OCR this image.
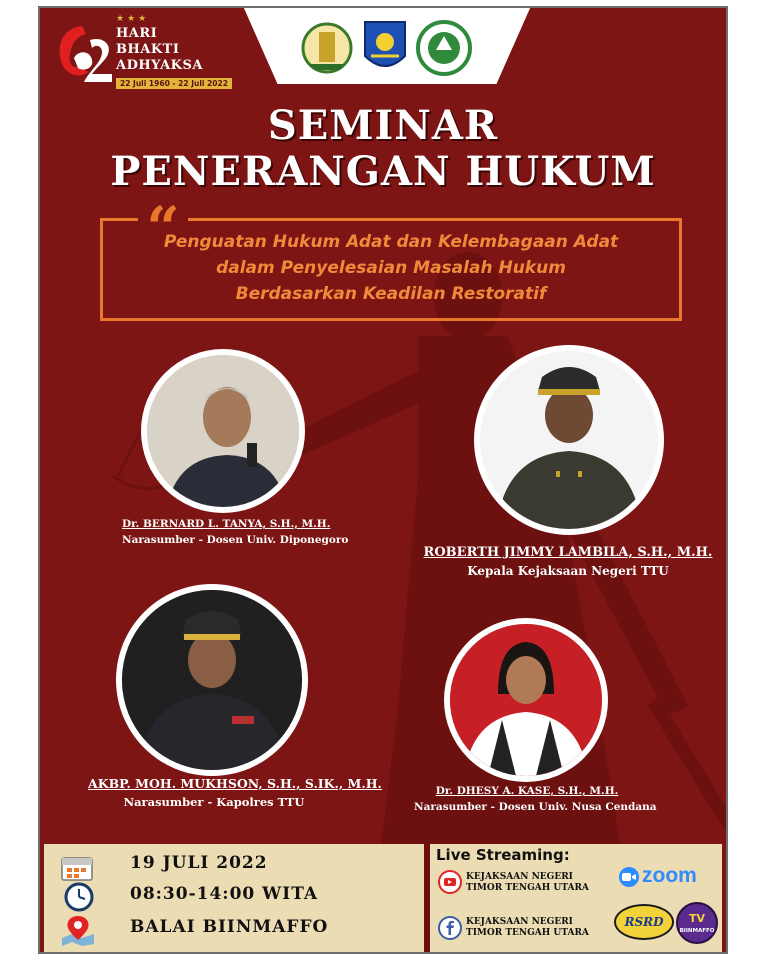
★★★
HARI
BHAKTI
ADHYAKSA
22 Juli 1960 - 22 Juli 2022
SEMINAR
PENERANGAN HUKUM
“
Penguatan Hukum Adat dan Kelembagaan Adat
dalam Penyelesaian Masalah Hukum
Berdasarkan Keadilan Restoratif
Dr. BERNARD L. TANYA, S.H., M.H.
Narasumber - Dosen Univ. Diponegoro
ROBERTH JIMMY LAMBILA, S.H., M.H.
Kepala Kejaksaan Negeri TTU
AKBP. MOH. MUKHSON, S.H., S.IK., M.H.
Narasumber - Kapolres TTU
Dr. DHESY A. KASE, S.H., M.H.
Narasumber - Dosen Univ. Nusa Cendana
19 JULI 2022
08:30-14:00 WITA
BALAI BIINMAFFO
Live Streaming:
KEJAKSAAN NEGERI
TIMOR TENGAH UTARA
KEJAKSAAN NEGERI
TIMOR TENGAH UTARA
zoom
RSRD	TV
BIINMAFFO
